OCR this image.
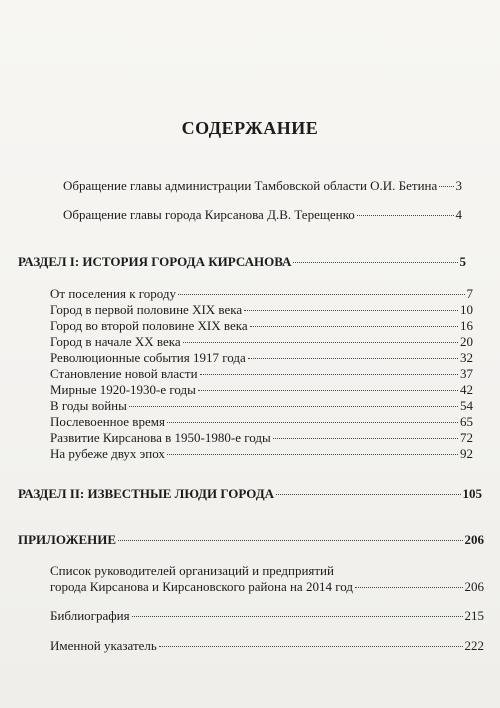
СОДЕРЖАНИЕ
Обращение главы администрации Тамбовской области О.И. Бетина 3
Обращение главы города Кирсанова Д.В. Терещенко	4
РАЗДЕЛ I: ИСТОРИЯ ГОРОДА КИРСАНОВА	5
От поселения к городу	7
Город в первой половине XIX века	10
Город во второй половине XIX века	16
Город в начале XX века	20
Революционные события 1917 года	32
Становление новой власти	37
Мирные 1920-1930-е годы	42
В годы войны	54
Послевоенное время	65
Развитие Кирсанова в 1950-1980-е годы	72
На рубеже двух эпох	92
РАЗДЕЛ II: ИЗВЕСТНЫЕ ЛЮДИ ГОРОДА	105
ПРИЛОЖЕНИЕ	206
Список руководителей организаций и предприятий
города Кирсанова и Кирсановского района на 2014 год	206
Библиография	215
Именной указатель	222
